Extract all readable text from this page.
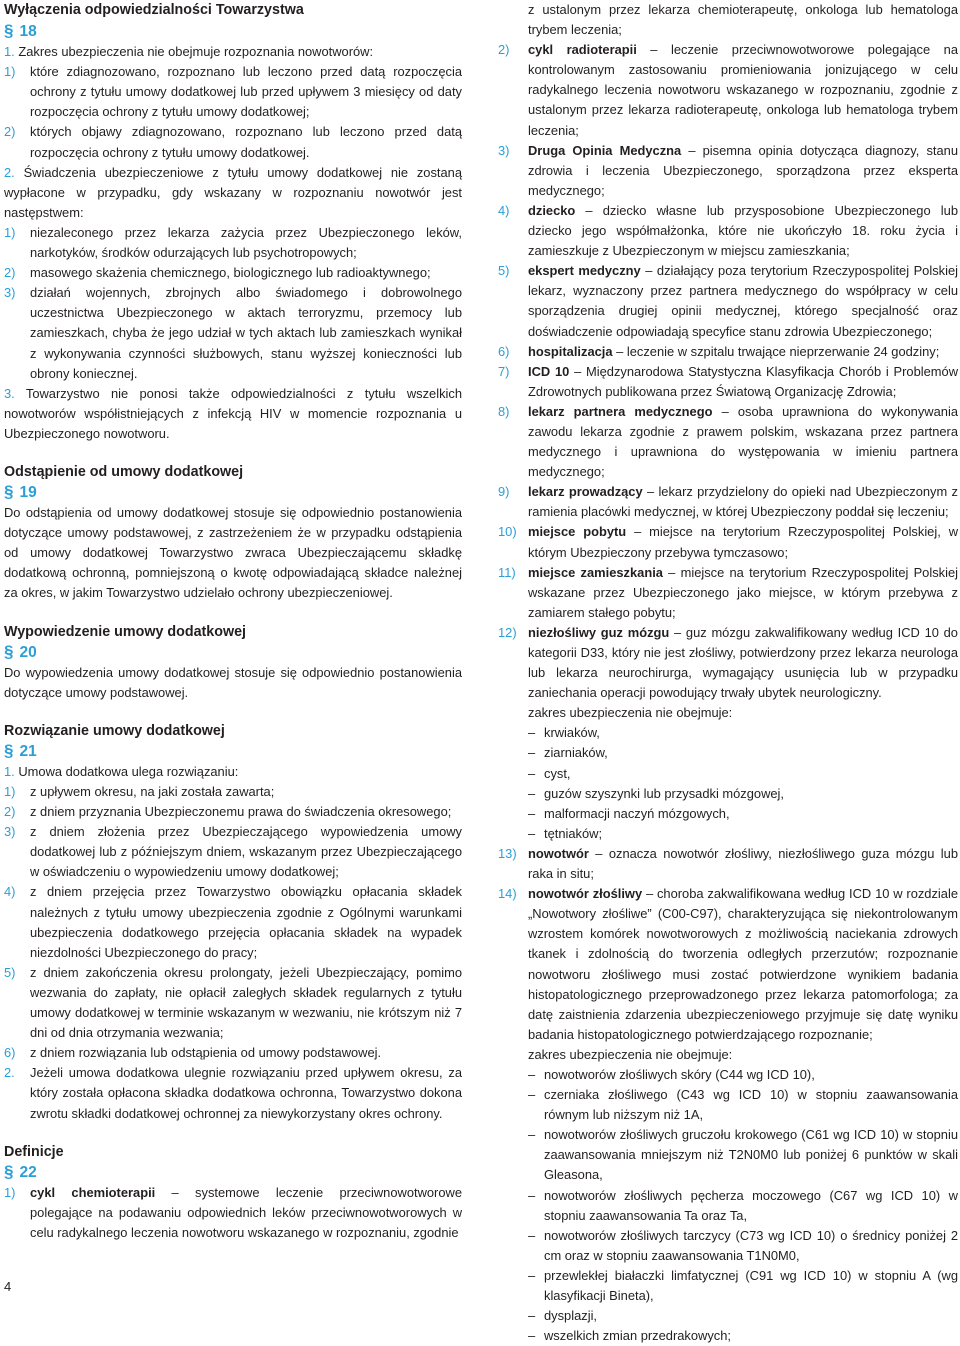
Wyłączenia odpowiedzialności Towarzystwa
§ 18
1. Zakres ubezpieczenia nie obejmuje rozpoznania nowotworów:
1) które zdiagnozowano, rozpoznano lub leczono przed datą rozpoczęcia ochrony z tytułu umowy dodatkowej lub przed upływem 3 miesięcy od daty rozpoczęcia ochrony z tytułu umowy dodatkowej;
2) których objawy zdiagnozowano, rozpoznano lub leczono przed datą rozpoczęcia ochrony z tytułu umowy dodatkowej.
2. Świadczenia ubezpieczeniowe z tytułu umowy dodatkowej nie zostaną wypłacone w przypadku, gdy wskazany w rozpoznaniu nowotwór jest następstwem:
1) niezaleconego przez lekarza zażycia przez Ubezpieczonego leków, narkotyków, środków odurzających lub psychotropowych;
2) masowego skażenia chemicznego, biologicznego lub radioaktywnego;
3) działań wojennych, zbrojnych albo świadomego i dobrowolnego uczestnictwa Ubezpieczonego w aktach terroryzmu, przemocy lub zamieszkach, chyba że jego udział w tych aktach lub zamieszkach wynikał z wykonywania czynności służbowych, stanu wyższej konieczności lub obrony koniecznej.
3. Towarzystwo nie ponosi także odpowiedzialności z tytułu wszelkich nowotworów współistniejących z infekcją HIV w momencie rozpoznania u Ubezpieczonego nowotworu.
Odstąpienie od umowy dodatkowej
§ 19
Do odstąpienia od umowy dodatkowej stosuje się odpowiednio postanowienia dotyczące umowy podstawowej, z zastrzeżeniem że w przypadku odstąpienia od umowy dodatkowej Towarzystwo zwraca Ubezpieczającemu składkę dodatkową ochronną, pomniejszoną o kwotę odpowiadającą składce należnej za okres, w jakim Towarzystwo udzielało ochrony ubezpieczeniowej.
Wypowiedzenie umowy dodatkowej
§ 20
Do wypowiedzenia umowy dodatkowej stosuje się odpowiednio postanowienia dotyczące umowy podstawowej.
Rozwiązanie umowy dodatkowej
§ 21
1. Umowa dodatkowa ulega rozwiązaniu:
1) z upływem okresu, na jaki została zawarta;
2) z dniem przyznania Ubezpieczonemu prawa do świadczenia okresowego;
3) z dniem złożenia przez Ubezpieczającego wypowiedzenia umowy dodatkowej lub z późniejszym dniem, wskazanym przez Ubezpieczającego w oświadczeniu o wypowiedzeniu umowy dodatkowej;
4) z dniem przejęcia przez Towarzystwo obowiązku opłacania składek należnych z tytułu umowy ubezpieczenia zgodnie z Ogólnymi warunkami ubezpieczenia dodatkowego przejęcia opłacania składek na wypadek niezdolności Ubezpieczonego do pracy;
5) z dniem zakończenia okresu prolongaty, jeżeli Ubezpieczający, pomimo wezwania do zapłaty, nie opłacił zaległych składek regularnych z tytułu umowy dodatkowej w terminie wskazanym w wezwaniu, nie krótszym niż 7 dni od dnia otrzymania wezwania;
6) z dniem rozwiązania lub odstąpienia od umowy podstawowej.
2. Jeżeli umowa dodatkowa ulegnie rozwiązaniu przed upływem okresu, za który została opłacona składka dodatkowa ochronna, Towarzystwo dokona zwrotu składki dodatkowej ochronnej za niewykorzystany okres ochrony.
Definicje
§ 22
1) cykl chemioterapii – systemowe leczenie przeciwnowotworowe polegające na podawaniu odpowiednich leków przeciwnowotworowych w celu radykalnego leczenia nowotworu wskazanego w rozpoznaniu, zgodnie
z ustalonym przez lekarza chemioterapeutę, onkologa lub hematologa trybem leczenia;
2) cykl radioterapii – leczenie przeciwnowotworowe polegające na kontrolowanym zastosowaniu promieniowania jonizującego w celu radykalnego leczenia nowotworu wskazanego w rozpoznaniu, zgodnie z ustalonym przez lekarza radioterapeutę, onkologa lub hematologa trybem leczenia;
3) Druga Opinia Medyczna – pisemna opinia dotycząca diagnozy, stanu zdrowia i leczenia Ubezpieczonego, sporządzona przez eksperta medycznego;
4) dziecko – dziecko własne lub przysposobione Ubezpieczonego lub dziecko jego współmałżonka, które nie ukończyło 18. roku życia i zamieszkuje z Ubezpieczonym w miejscu zamieszkania;
5) ekspert medyczny – działający poza terytorium Rzeczypospolitej Polskiej lekarz, wyznaczony przez partnera medycznego do współpracy w celu sporządzenia drugiej opinii medycznej, którego specjalność oraz doświadczenie odpowiadają specyfice stanu zdrowia Ubezpieczonego;
6) hospitalizacja – leczenie w szpitalu trwające nieprzerwanie 24 godziny;
7) ICD 10 – Międzynarodowa Statystyczna Klasyfikacja Chorób i Problemów Zdrowotnych publikowana przez Światową Organizację Zdrowia;
8) lekarz partnera medycznego – osoba uprawniona do wykonywania zawodu lekarza zgodnie z prawem polskim, wskazana przez partnera medycznego i uprawniona do występowania w imieniu partnera medycznego;
9) lekarz prowadzący – lekarz przydzielony do opieki nad Ubezpieczonym z ramienia placówki medycznej, w której Ubezpieczony poddał się leczeniu;
10) miejsce pobytu – miejsce na terytorium Rzeczypospolitej Polskiej, w którym Ubezpieczony przebywa tymczasowo;
11) miejsce zamieszkania – miejsce na terytorium Rzeczypospolitej Polskiej wskazane przez Ubezpieczonego jako miejsce, w którym przebywa z zamiarem stałego pobytu;
12) niezłośliwy guz mózgu – guz mózgu zakwalifikowany według ICD 10 do kategorii D33, który nie jest złośliwy, potwierdzony przez lekarza neurologa lub lekarza neurochirurga, wymagający usunięcia lub w przypadku zaniechania operacji powodujący trwały ubytek neurologiczny.
zakres ubezpieczenia nie obejmuje:
– krwiaków,
– ziarniaków,
– cyst,
– guzów szyszynki lub przysadki mózgowej,
– malformacji naczyń mózgowych,
– tętniaków;
13) nowotwór – oznacza nowotwór złośliwy, niezłośliwego guza mózgu lub raka in situ;
14) nowotwór złośliwy – choroba zakwalifikowana według ICD 10 w rozdziale „Nowotwory złośliwe” (C00-C97), charakteryzująca się niekontrolowanym wzrostem komórek nowotworowych z możliwością naciekania zdrowych tkanek i zdolnością do tworzenia odległych przerzutów; rozpoznanie nowotworu złośliwego musi zostać potwierdzone wynikiem badania histopatologicznego przeprowadzonego przez lekarza patomorfologa; za datę zaistnienia zdarzenia ubezpieczeniowego przyjmuje się datę wyniku badania histopatologicznego potwierdzającego rozpoznanie;
zakres ubezpieczenia nie obejmuje:
– nowotworów złośliwych skóry (C44 wg ICD 10),
– czerniaka złośliwego (C43 wg ICD 10) w stopniu zaawansowania równym lub niższym niż 1A,
– nowotworów złośliwych gruczołu krokowego (C61 wg ICD 10) w stopniu zaawansowania mniejszym niż T2N0M0 lub poniżej 6 punktów w skali Gleasona,
– nowotworów złośliwych pęcherza moczowego (C67 wg ICD 10) w stopniu zaawansowania Ta oraz Ta,
– nowotworów złośliwych tarczycy (C73 wg ICD 10) o średnicy poniżej 2 cm oraz w stopniu zaawansowania T1N0M0,
– przewlekłej białaczki limfatycznej (C91 wg ICD 10) w stopniu A (wg klasyfikacji Bineta),
– dysplazji,
– wszelkich zmian przedrakowych;
4
